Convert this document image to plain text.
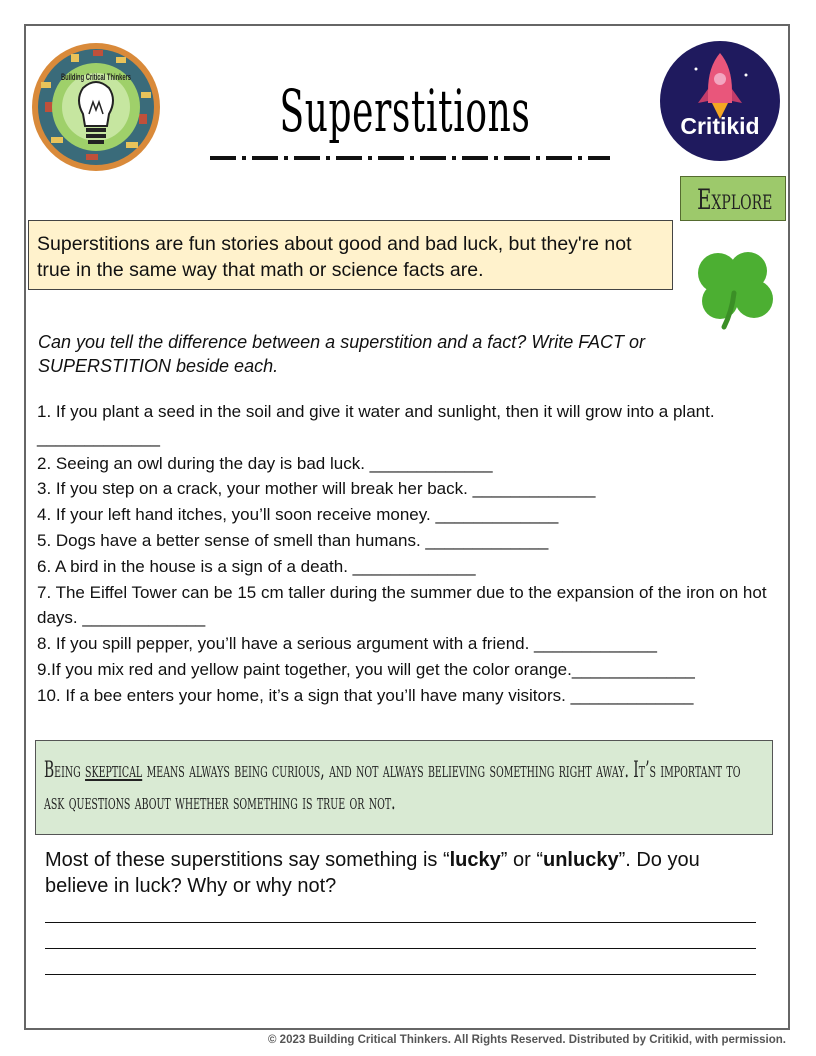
Building Critical Thinkers
Critikid
Superstitions
Explore
Superstitions are fun stories about good and bad luck, but they're not true in the same way that math or science facts are.
Can you tell the difference between a superstition and a fact? Write FACT or SUPERSTITION beside each.
1. If you plant a seed in the soil and give it water and sunlight, then it will grow into a plant. _____________
2. Seeing an owl during the day is bad luck. _____________
3. If you step on a crack, your mother will break her back. _____________
4. If your left hand itches, you’ll soon receive money. _____________
5. Dogs have a better sense of smell than humans. _____________
6. A bird in the house is a sign of a death. _____________
7. The Eiffel Tower can be 15 cm taller during the summer due to the expansion of the iron on hot days. _____________
8. If you spill pepper, you’ll have a serious argument with a friend. _____________
9.If you mix red and yellow paint together, you will get the color orange._____________
10. If a bee enters your home, it’s a sign that you’ll have many visitors. _____________
Being skeptical means always being curious, and not always believing something right away. It’s important to ask questions about whether something is true or not.
Most of these superstitions say something is “lucky” or “unlucky”. Do you believe in luck? Why or why not?
© 2023 Building Critical Thinkers. All Rights Reserved. Distributed by Critikid, with permission.
